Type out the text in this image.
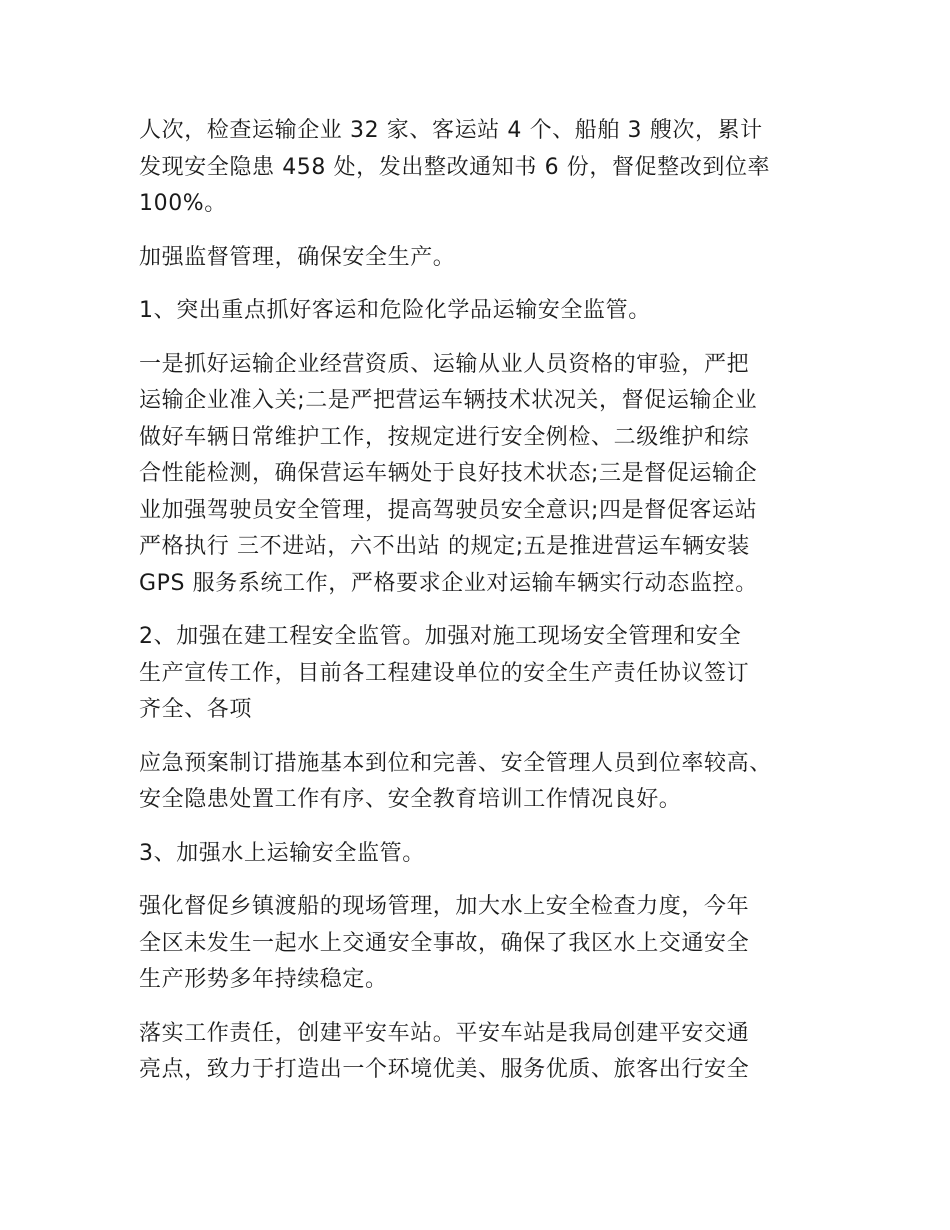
人次，检查运输企业 32 家、客运站 4 个、船舶 3 艘次，累计
发现安全隐患 458 处，发出整改通知书 6 份，督促整改到位率
100%。

加强监督管理，确保安全生产。

1、突出重点抓好客运和危险化学品运输安全监管。

一是抓好运输企业经营资质、运输从业人员资格的审验，严把
运输企业准入关;二是严把营运车辆技术状况关，督促运输企业
做好车辆日常维护工作，按规定进行安全例检、二级维护和综
合性能检测，确保营运车辆处于良好技术状态;三是督促运输企
业加强驾驶员安全管理，提高驾驶员安全意识;四是督促客运站
严格执行 三不进站，六不出站 的规定;五是推进营运车辆安装
GPS 服务系统工作，严格要求企业对运输车辆实行动态监控。

2、加强在建工程安全监管。加强对施工现场安全管理和安全
生产宣传工作，目前各工程建设单位的安全生产责任协议签订
齐全、各项

应急预案制订措施基本到位和完善、安全管理人员到位率较高、
安全隐患处置工作有序、安全教育培训工作情况良好。

3、加强水上运输安全监管。

强化督促乡镇渡船的现场管理，加大水上安全检查力度，今年
全区未发生一起水上交通安全事故，确保了我区水上交通安全
生产形势多年持续稳定。

落实工作责任，创建平安车站。平安车站是我局创建平安交通
亮点，致力于打造出一个环境优美、服务优质、旅客出行安全
